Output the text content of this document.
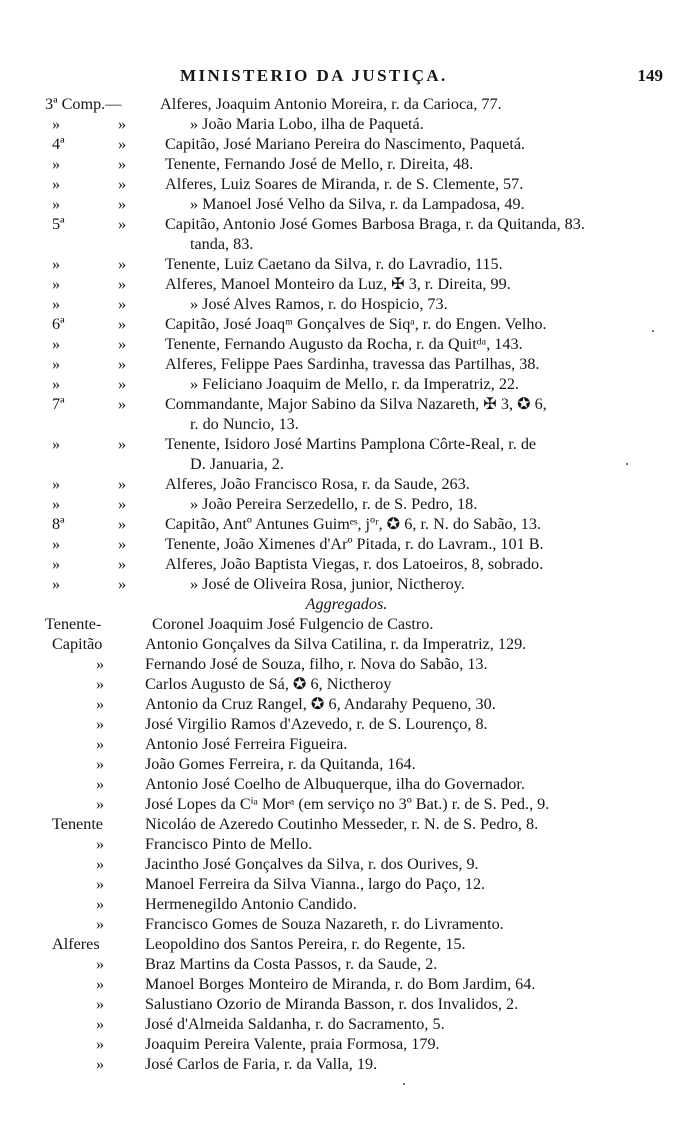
MINISTERIO DA JUSTIÇA.	149
3ª Comp.— Alferes, Joaquim Antonio Moreira, r. da Carioca, 77.
»	»	» João Maria Lobo, ilha de Paquetá.
4ª	» Capitão, José Mariano Pereira do Nascimento, Paquetá.
»	» Tenente, Fernando José de Mello, r. Direita, 48.
»	» Alferes, Luiz Soares de Miranda, r. de S. Clemente, 57.
»	»	» Manoel José Velho da Silva, r. da Lampadosa, 49.
5ª	» Capitão, Antonio José Gomes Barbosa Braga, r. da Quitanda, 83.
tanda, 83.
»	» Tenente, Luiz Caetano da Silva, r. do Lavradio, 115.
»	» Alferes, Manoel Monteiro da Luz, ✠ 3, r. Direita, 99.
»	»	» José Alves Ramos, r. do Hospicio, 73.
6ª	» Capitão, José Joaqᵐ Gonçalves de Siqᵃ, r. do Engen. Velho.
»	» Tenente, Fernando Augusto da Rocha, r. da Quitᵈᵃ, 143.
»	» Alferes, Felippe Paes Sardinha, travessa das Partilhas, 38.
»	»	» Feliciano Joaquim de Mello, r. da Imperatriz, 22.
7ª	» Commandante, Major Sabino da Silva Nazareth, ✠ 3, ✪ 6,
r. do Nuncio, 13.
»	» Tenente, Isidoro José Martins Pamplona Côrte-Real, r. de
D. Januaria, 2.
»	» Alferes, João Francisco Rosa, r. da Saude, 263.
»	»	» João Pereira Serzedello, r. de S. Pedro, 18.
8ª	» Capitão, Antº Antunes Guimᵉˢ, jºʳ, ✪ 6, r. N. do Sabão, 13.
»	» Tenente, João Ximenes d'Arº Pitada, r. do Lavram., 101 B.
»	» Alferes, João Baptista Viegas, r. dos Latoeiros, 8, sobrado.
»	»	» José de Oliveira Rosa, junior, Nictheroy.
Aggregados.
Tenente-	Coronel Joaquim José Fulgencio de Castro.
Capitão	Antonio Gonçalves da Silva Catilina, r. da Imperatriz, 129.
»	Fernando José de Souza, filho, r. Nova do Sabão, 13.
»	Carlos Augusto de Sá, ✪ 6, Nictheroy
»	Antonio da Cruz Rangel, ✪ 6, Andarahy Pequeno, 30.
»	José Virgilio Ramos d'Azevedo, r. de S. Lourenço, 8.
»	Antonio José Ferreira Figueira.
»	João Gomes Ferreira, r. da Quitanda, 164.
»	Antonio José Coelho de Albuquerque, ilha do Governador.
»	José Lopes da Cⁱᵃ Morᵃ (em serviço no 3º Bat.) r. de S. Ped., 9.
Tenente	Nicoláo de Azeredo Coutinho Messeder, r. N. de S. Pedro, 8.
»	Francisco Pinto de Mello.
»	Jacintho José Gonçalves da Silva, r. dos Ourives, 9.
»	Manoel Ferreira da Silva Vianna., largo do Paço, 12.
»	Hermenegildo Antonio Candido.
»	Francisco Gomes de Souza Nazareth, r. do Livramento.
Alferes	Leopoldino dos Santos Pereira, r. do Regente, 15.
»	Braz Martins da Costa Passos, r. da Saude, 2.
»	Manoel Borges Monteiro de Miranda, r. do Bom Jardim, 64.
»	Salustiano Ozorio de Miranda Basson, r. dos Invalidos, 2.
»	José d'Almeida Saldanha, r. do Sacramento, 5.
»	Joaquim Pereira Valente, praia Formosa, 179.
»	José Carlos de Faria, r. da Valla, 19.
